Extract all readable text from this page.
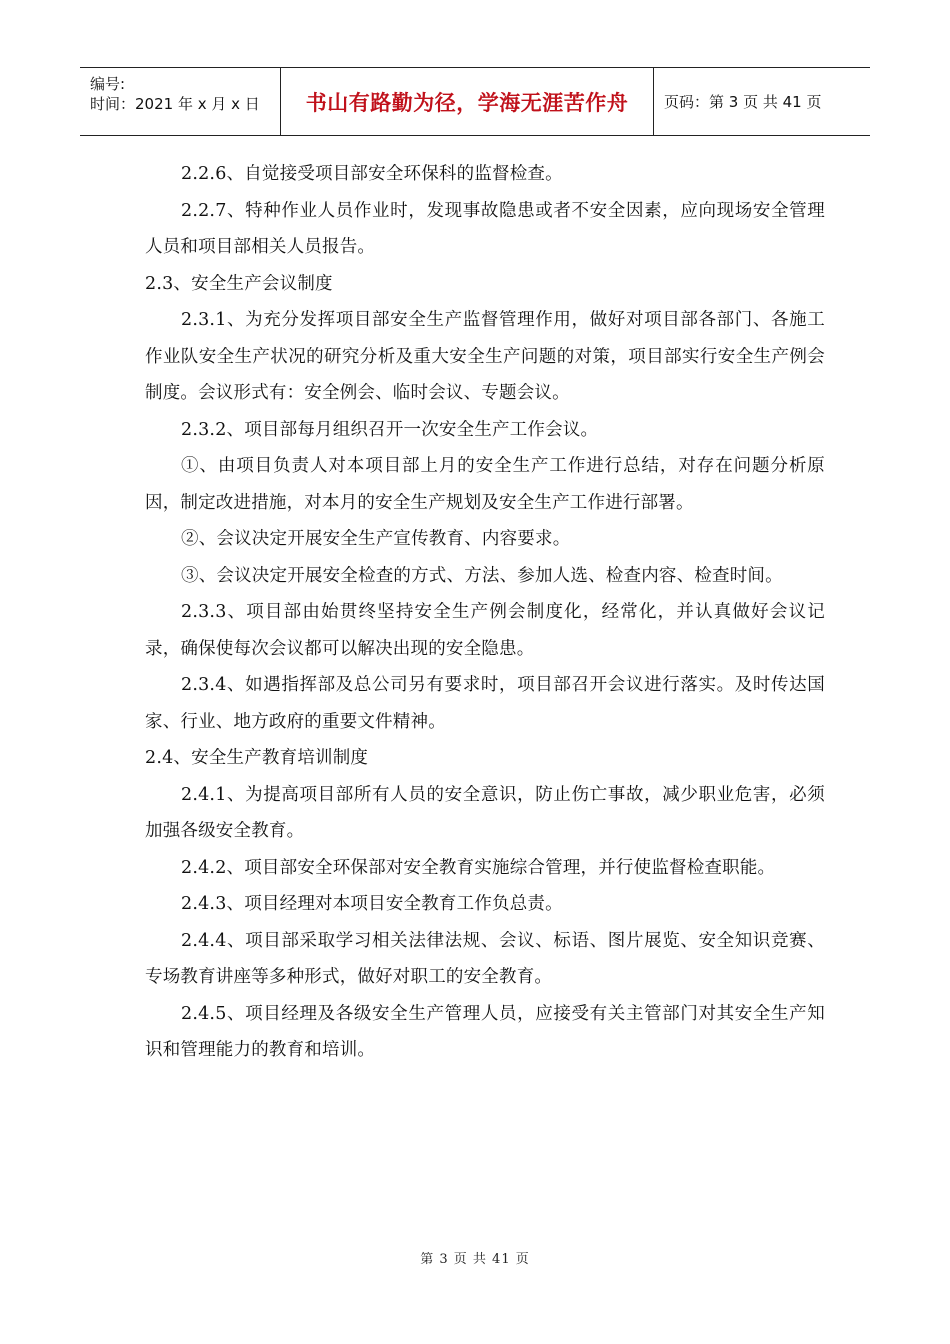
编号:
时间：2021 年 x 月 x 日	书山有路勤为径，学海无涯苦作舟	页码：第 3 页 共 41 页

2.2.6、自觉接受项目部安全环保科的监督检查。

2.2.7、特种作业人员作业时，发现事故隐患或者不安全因素，应向现场安全管理人员和项目部相关人员报告。

2.3、安全生产会议制度

2.3.1、为充分发挥项目部安全生产监督管理作用，做好对项目部各部门、各施工作业队安全生产状况的研究分析及重大安全生产问题的对策，项目部实行安全生产例会制度。会议形式有：安全例会、临时会议、专题会议。

2.3.2、项目部每月组织召开一次安全生产工作会议。

①、由项目负责人对本项目部上月的安全生产工作进行总结，对存在问题分析原因，制定改进措施，对本月的安全生产规划及安全生产工作进行部署。

②、会议决定开展安全生产宣传教育、内容要求。

③、会议决定开展安全检查的方式、方法、参加人选、检查内容、检查时间。

2.3.3、项目部由始贯终坚持安全生产例会制度化，经常化，并认真做好会议记录，确保使每次会议都可以解决出现的安全隐患。

2.3.4、如遇指挥部及总公司另有要求时，项目部召开会议进行落实。及时传达国家、行业、地方政府的重要文件精神。

2.4、安全生产教育培训制度

2.4.1、为提高项目部所有人员的安全意识，防止伤亡事故，减少职业危害，必须加强各级安全教育。

2.4.2、项目部安全环保部对安全教育实施综合管理，并行使监督检查职能。

2.4.3、项目经理对本项目安全教育工作负总责。

2.4.4、项目部采取学习相关法律法规、会议、标语、图片展览、安全知识竞赛、专场教育讲座等多种形式，做好对职工的安全教育。

2.4.5、项目经理及各级安全生产管理人员，应接受有关主管部门对其安全生产知识和管理能力的教育和培训。

第 3 页 共 41 页
